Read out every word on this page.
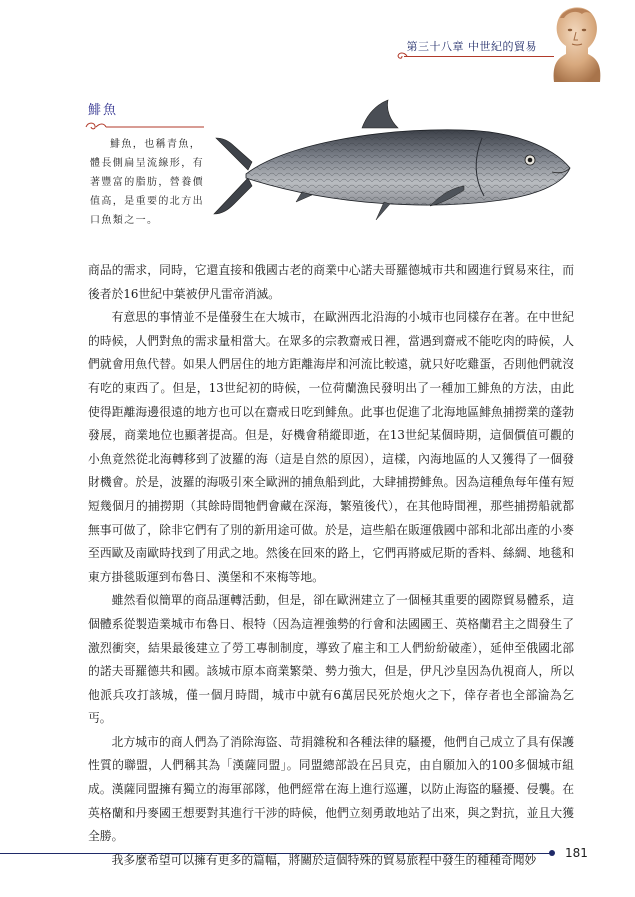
第三十八章 中世紀的貿易
鯡魚
鯡魚，也稱青魚，體長側扁呈流線形，有著豐富的脂肪，營養價值高，是重要的北方出口魚類之一。

商品的需求，同時，它還直接和俄國古老的商業中心諾夫哥羅德城市共和國進行貿易來往，而後者於16世紀中葉被伊凡雷帝消滅。

有意思的事情並不是僅發生在大城市，在歐洲西北沿海的小城市也同樣存在著。在中世紀的時候，人們對魚的需求量相當大。在眾多的宗教齋戒日裡，當遇到齋戒不能吃肉的時候，人們就會用魚代替。如果人們居住的地方距離海岸和河流比較遠，就只好吃雞蛋，否則他們就沒有吃的東西了。但是，13世紀初的時候，一位荷蘭漁民發明出了一種加工鯡魚的方法，由此使得距離海邊很遠的地方也可以在齋戒日吃到鯡魚。此事也促進了北海地區鯡魚捕撈業的蓬勃發展，商業地位也顯著提高。但是，好機會稍縱即逝，在13世紀某個時期，這個價值可觀的小魚竟然從北海轉移到了波羅的海（這是自然的原因），這樣，內海地區的人又獲得了一個發財機會。於是，波羅的海吸引來全歐洲的捕魚船到此，大肆捕撈鯡魚。因為這種魚每年僅有短短幾個月的捕撈期（其餘時間牠們會藏在深海，繁殖後代），在其他時間裡，那些捕撈船就都無事可做了，除非它們有了別的新用途可做。於是，這些船在販運俄國中部和北部出產的小麥至西歐及南歐時找到了用武之地。然後在回來的路上，它們再將威尼斯的香料、絲綢、地毯和東方掛毯販運到布魯日、漢堡和不來梅等地。

雖然看似簡單的商品運轉活動，但是，卻在歐洲建立了一個極其重要的國際貿易體系，這個體系從製造業城市布魯日、根特（因為這裡強勢的行會和法國國王、英格蘭君主之間發生了激烈衝突，結果最後建立了勞工專制制度，導致了雇主和工人們紛紛破產），延伸至俄國北部的諾夫哥羅德共和國。該城市原本商業繁榮、勢力強大，但是，伊凡沙皇因為仇視商人，所以他派兵攻打該城，僅一個月時間，城市中就有6萬居民死於炮火之下，倖存者也全部淪為乞丐。

北方城市的商人們為了消除海盜、苛捐雜稅和各種法律的騷擾，他們自己成立了具有保護性質的聯盟，人們稱其為「漢薩同盟」。同盟總部設在呂貝克，由自願加入的100多個城市組成。漢薩同盟擁有獨立的海軍部隊，他們經常在海上進行巡邏，以防止海盜的騷擾、侵襲。在英格蘭和丹麥國王想要對其進行干涉的時候，他們立刻勇敢地站了出來，與之對抗，並且大獲全勝。

我多麼希望可以擁有更多的篇幅，將關於這個特殊的貿易旅程中發生的種種奇聞妙	181
